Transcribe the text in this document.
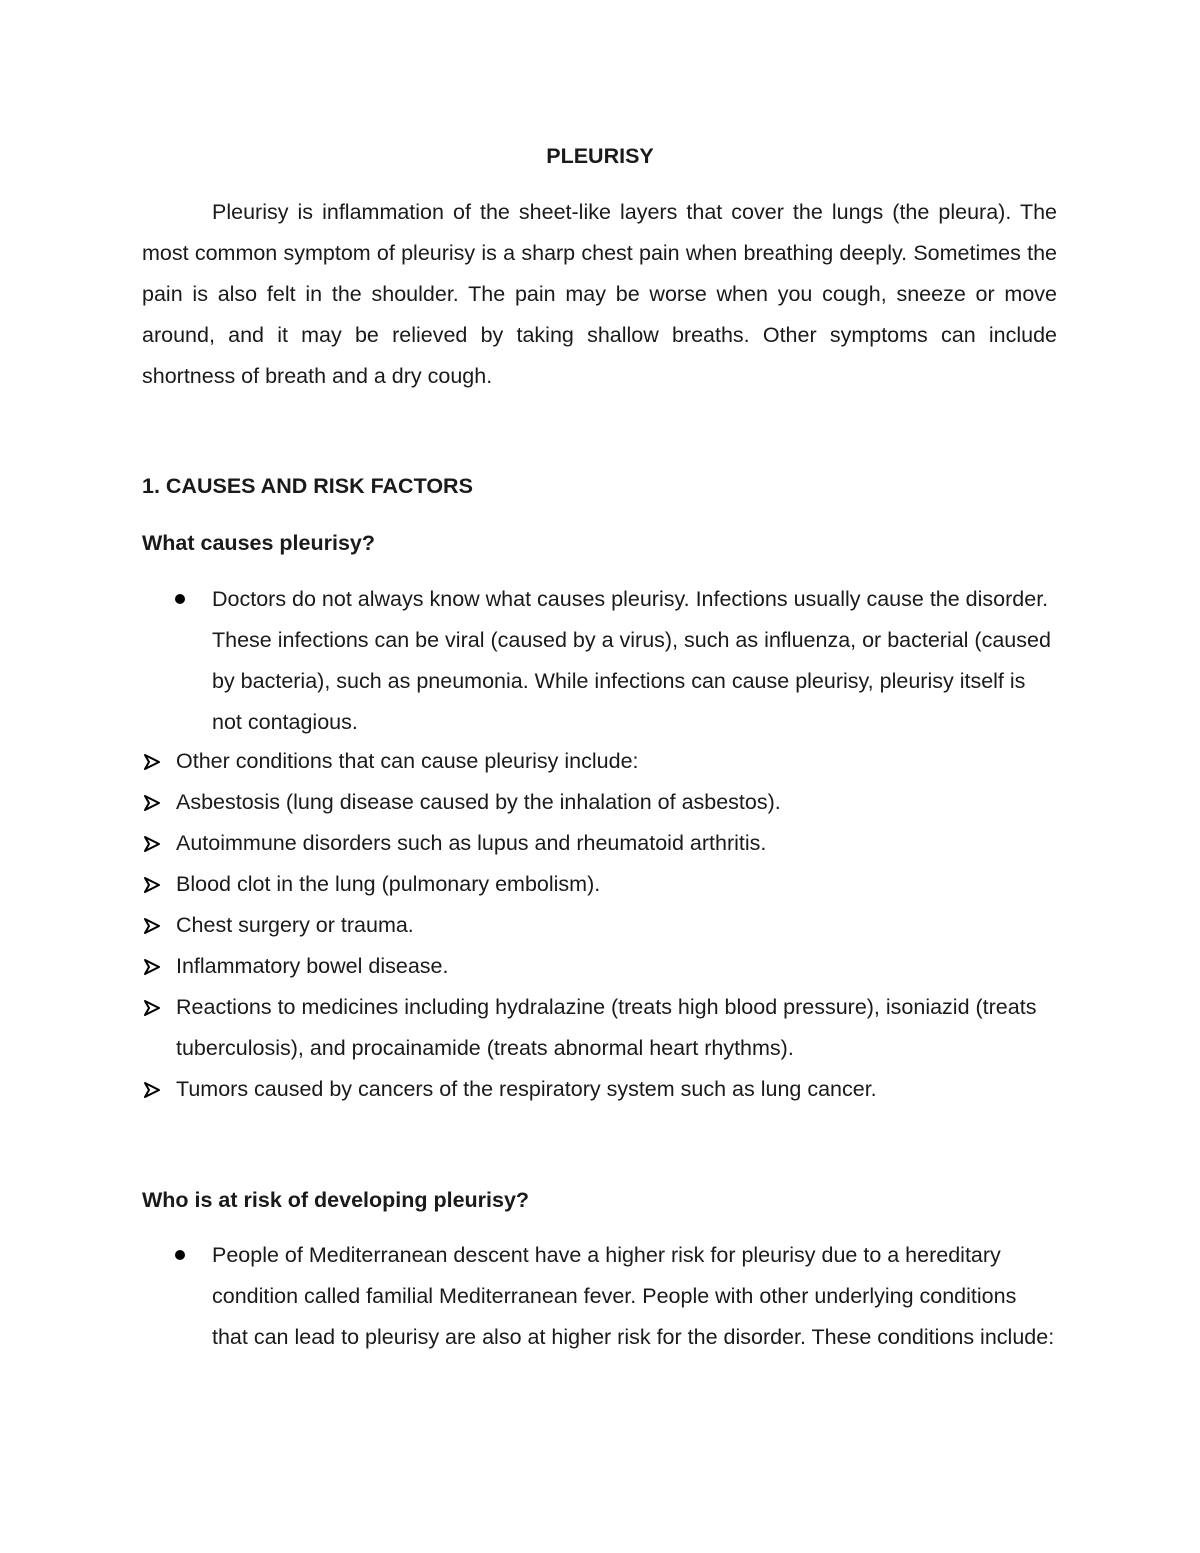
PLEURISY

Pleurisy is inflammation of the sheet-like layers that cover the lungs (the pleura). The most common symptom of pleurisy is a sharp chest pain when breathing deeply. Sometimes the pain is also felt in the shoulder. The pain may be worse when you cough, sneeze or move around, and it may be relieved by taking shallow breaths. Other symptoms can include shortness of breath and a dry cough.

1. CAUSES AND RISK FACTORS
What causes pleurisy?
Doctors do not always know what causes pleurisy. Infections usually cause the disorder. These infections can be viral (caused by a virus), such as influenza, or bacterial (caused by bacteria), such as pneumonia. While infections can cause pleurisy, pleurisy itself is not contagious.
Other conditions that can cause pleurisy include:
Asbestosis (lung disease caused by the inhalation of asbestos).
Autoimmune disorders such as lupus and rheumatoid arthritis.
Blood clot in the lung (pulmonary embolism).
Chest surgery or trauma.
Inflammatory bowel disease.
Reactions to medicines including hydralazine (treats high blood pressure), isoniazid (treats tuberculosis), and procainamide (treats abnormal heart rhythms).
Tumors caused by cancers of the respiratory system such as lung cancer.
Who is at risk of developing pleurisy?
People of Mediterranean descent have a higher risk for pleurisy due to a hereditary condition called familial Mediterranean fever. People with other underlying conditions that can lead to pleurisy are also at higher risk for the disorder. These conditions include:
